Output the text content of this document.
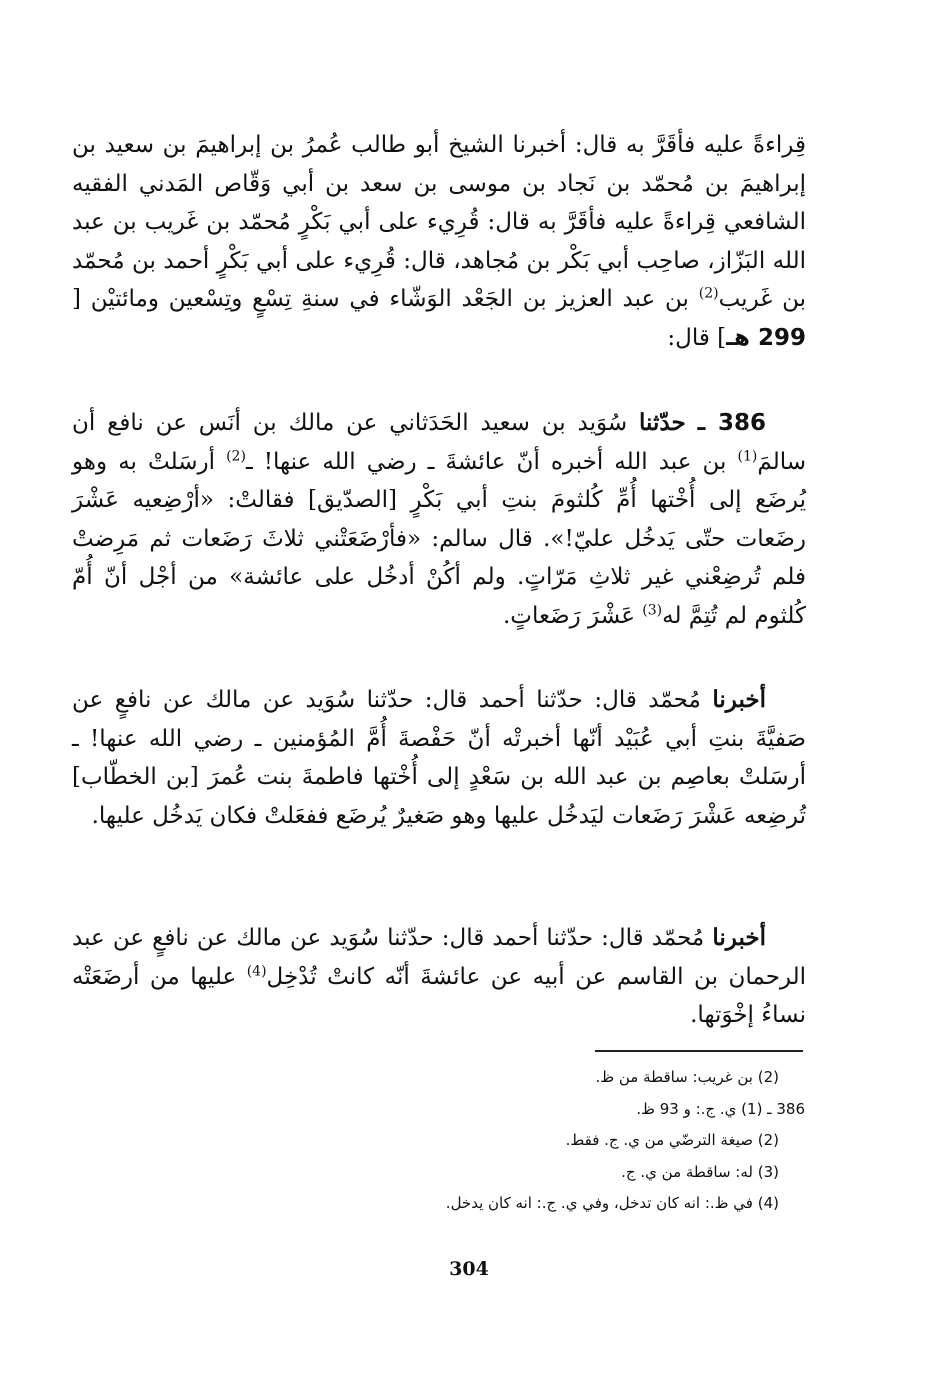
قِراءةً عليه فأقَرَّ به قال: أخبرنا الشيخ أبو طالب عُمرُ بن إبراهيمَ بن سعيد بن إبراهيمَ بن مُحمّد بن نَجاد بن موسى بن سعد بن أبي وَقّاص المَدني الفقيه الشافعي قِراءةً عليه فأقَرَّ به قال: قُرِيء على أبي بَكْرٍ مُحمّد بن غَريب بن عبد الله البَزّاز، صاحِب أبي بَكْر بن مُجاهد، قال: قُرِيء على أبي بَكْرٍ أحمد بن مُحمّد بن غَريب$^{(2)}$ بن عبد العزيز بن الجَعْد الوَشّاء في سنةِ تِسْعٍ وتِسْعين ومائتيْن [ 299 هـ] قال:

386 ـ حدّثنا سُوَيد بن سعيد الحَدَثاني عن مالك بن أنَس عن نافع أن سالمَ$^{(1)}$ بن عبد الله أخبره أنّ عائشةَ ـ رضي الله عنها! ـ$^{(2)}$ أرسَلتْ به وهو يُرضَع إلى أُخْتها أُمِّ كُلثومَ بنتِ أبي بَكْرٍ [الصدّيق] فقالتْ: «أرْضِعيه عَشْرَ رضَعات حتّى يَدخُل عليّ!». قال سالم: «فأرْضَعَتْني ثلاثَ رَضَعات ثم مَرِضتْ فلم تُرضِعْني غير ثلاثِ مَرّاتٍ. ولم أكُنْ أدخُل على عائشة» من أجْل أنّ أُمّ كُلثوم لم تُتِمَّ له$^{(3)}$ عَشْرَ رَضَعاتٍ.

أخبرنا مُحمّد قال: حدّثنا أحمد قال: حدّثنا سُوَيد عن مالك عن نافعٍ عن صَفيَّةَ بنتِ أبي عُبَيْد أنّها أخبرتْه أنّ حَفْصةَ أُمَّ المُؤمنين ـ رضي الله عنها! ـ أرسَلتْ بعاصِم بن عبد الله بن سَعْدٍ إلى أُخْتها فاطمةَ بنت عُمرَ [بن الخطّاب] تُرضِعه عَشْرَ رَضَعات ليَدخُل عليها وهو صَغيرٌ يُرضَع ففعَلتْ فكان يَدخُل عليها.

أخبرنا مُحمّد قال: حدّثنا أحمد قال: حدّثنا سُوَيد عن مالك عن نافعٍ عن عبد الرحمان بن القاسم عن أبيه عن عائشةَ أنّه كانتْ تُدْخِل$^{(4)}$ عليها من أرضَعَتْه نساءُ إخْوَتها.

(2) بن غريب: ساقطة من ظ.
386 ـ (1) ي. ج.: و 93 ظ.
(2) صيغة الترضّي من ي. ج. فقط.
(3) له: ساقطة من ي. ج.
(4) في ظ.: انه كان تدخل، وفي ي. ج.: انه كان يدخل.
304
